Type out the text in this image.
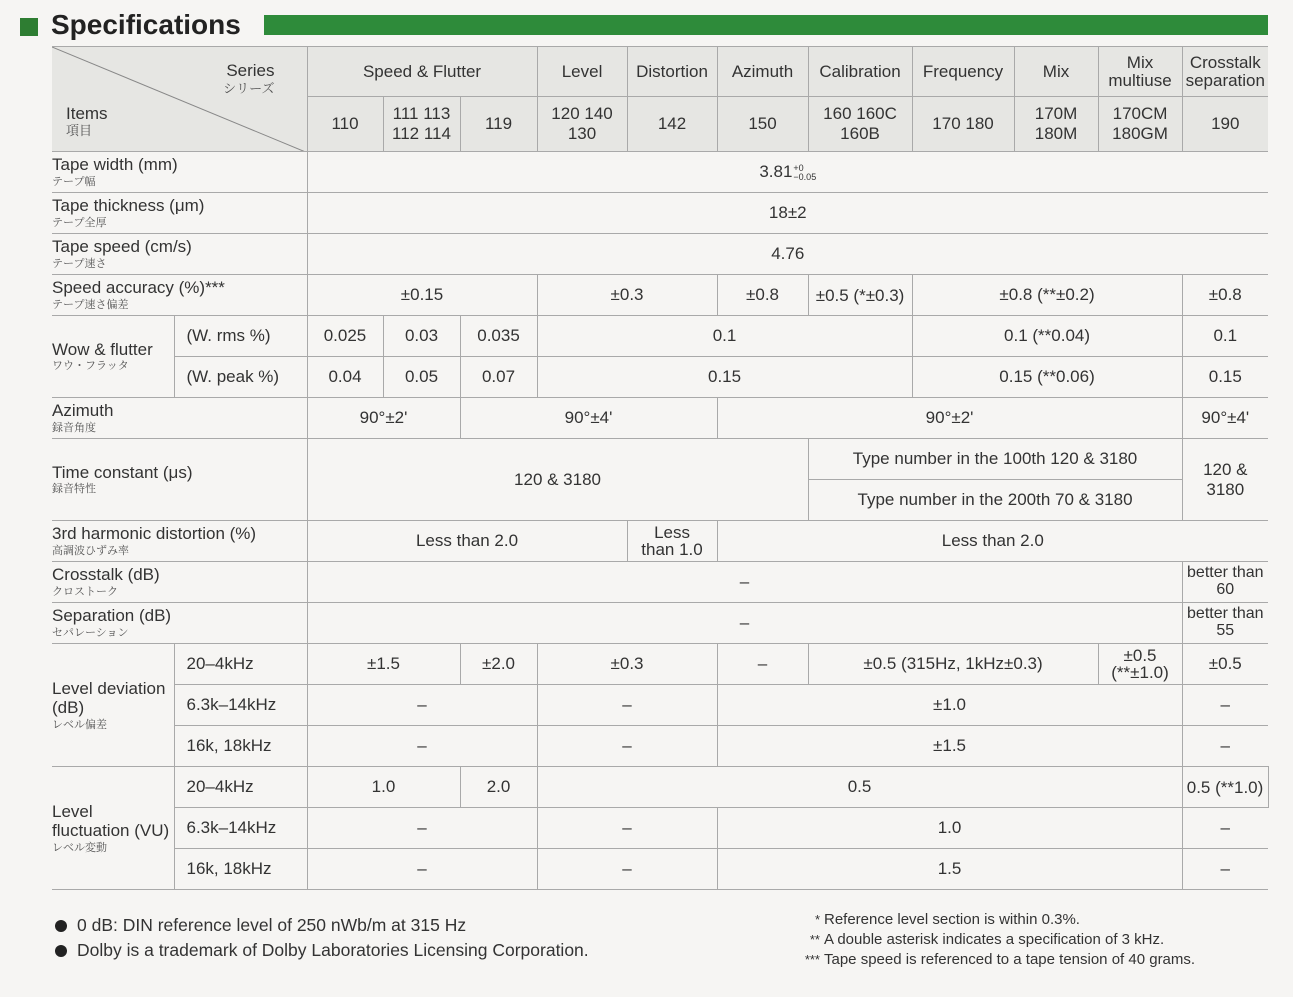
Specifications
Series
シリーズ
Items
項目		Speed & Flutter			Level	Distortion	Azimuth	Calibration	Frequency	Mix	Mix multiuse	Crosstalk separation	
		110	111 113 112 114	119	120 140 130	142	150	160 160C 160B	170 180	170M 180M	170CM 180GM	190	

Tape width (mm)
テープ幅		3.81 +0
−0.05											

Tape thickness (μm)
テープ全厚		18±2											

Tape speed (cm/s)
テープ速さ		4.76											

Speed accuracy (%)***
テープ速さ偏差		±0.15			±0.3		±0.8	±0.5 (*±0.3)	±0.8 (**±0.2)			±0.8	

Wow & flutter
ワウ・フラッタ	(W. rms %)	0.025	0.03	0.035	0.1				0.1 (**0.04)			0.1	
	(W. peak %)	0.04	0.05	0.07	0.15				0.15 (**0.06)			0.15	

Azimuth
録音角度		90°±2'		90°±4'			90°±2'					90°±4'	

Time constant (μs)
録音特性		120 & 3180						Type number in the 100th 120 & 3180				120 & 3180	
								Type number in the 200th 70 & 3180					

3rd harmonic distortion (%)
高調波ひずみ率		Less than 2.0				Less than 1.0	Less than 2.0						

Crosstalk (dB)
クロストーク		–										better than 60	

Separation (dB)
セパレーション		–										better than 55	

Level deviation (dB)
レベル偏差	20–4kHz	±1.5		±2.0	±0.3		–	±0.5 (315Hz, 1kHz±0.3)			±0.5 (**±1.0)	±0.5	
	6.3k–14kHz	–			–		±1.0					–	
	16k, 18kHz	–			–		±1.5					–	

Level fluctuation (VU)
レベル変動	20–4kHz	1.0		2.0	0.5							0.5 (**1.0)	
	6.3k–14kHz	–			–		1.0					–	
	16k, 18kHz	–			–		1.5					–	
0 dB: DIN reference level of 250 nWb/m at 315 Hz
Dolby is a trademark of Dolby Laboratories Licensing Corporation.
* Reference level section is within 0.3%.
** A double asterisk indicates a specification of 3 kHz.
*** Tape speed is referenced to a tape tension of 40 grams.
